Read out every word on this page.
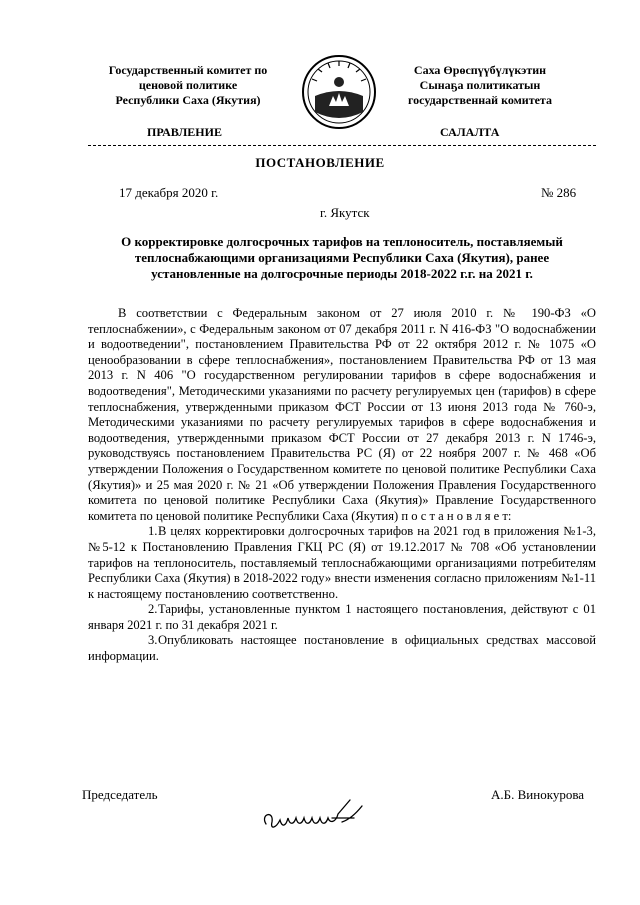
Государственный комитет по
ценовой политике
Республики Саха (Якутия)
Саха Өрөспүүбүлүкэтин
Сынаҕа политикатын
государственнай комитета
ПРАВЛЕНИЕ	САЛАЛТА
ПОСТАНОВЛЕНИЕ
17 декабря 2020 г.	№ 286
г. Якутск
О корректировке долгосрочных тарифов на теплоноситель, поставляемый теплоснабжающими организациями Республики Саха (Якутия), ранее установленные на долгосрочные периоды 2018-2022 г.г. на 2021 г.

В соответствии с Федеральным законом от 27 июля 2010 г. № 190-ФЗ «О теплоснабжении», с Федеральным законом от 07 декабря 2011 г. N 416-ФЗ "О водоснабжении и водоотведении", постановлением Правительства РФ от 22 октября 2012 г. № 1075 «О ценообразовании в сфере теплоснабжения», постановлением Правительства РФ от 13 мая 2013 г. N 406 "О государственном регулировании тарифов в сфере водоснабжения и водоотведения", Методическими указаниями по расчету регулируемых цен (тарифов) в сфере теплоснабжения, утвержденными приказом ФСТ России от 13 июня 2013 года № 760-э, Методическими указаниями по расчету регулируемых тарифов в сфере водоснабжения и водоотведения, утвержденными приказом ФСТ России от 27 декабря 2013 г. N 1746-э, руководствуясь постановлением Правительства РС (Я) от 22 ноября 2007 г. № 468 «Об утверждении Положения о Государственном комитете по ценовой политике Республики Саха (Якутия)» и 25 мая 2020 г. № 21 «Об утверждении Положения Правления Государственного комитета по ценовой политике Республики Саха (Якутия)» Правление Государственного комитета по ценовой политике Республики Саха (Якутия) п о с т а н о в л я е т:

1.В целях корректировки долгосрочных тарифов на 2021 год в приложения №1-3, №5-12 к Постановлению Правления ГКЦ РС (Я) от 19.12.2017 № 708 «Об установлении тарифов на теплоноситель, поставляемый теплоснабжающими организациями потребителям Республики Саха (Якутия) в 2018-2022 году» внести изменения согласно приложениям №1-11 к настоящему постановлению соответственно.

2.Тарифы, установленные пунктом 1 настоящего постановления, действуют с 01 января 2021 г. по 31 декабря 2021 г.

3.Опубликовать настоящее постановление в официальных средствах массовой информации.

Председатель	А.Б. Винокурова
